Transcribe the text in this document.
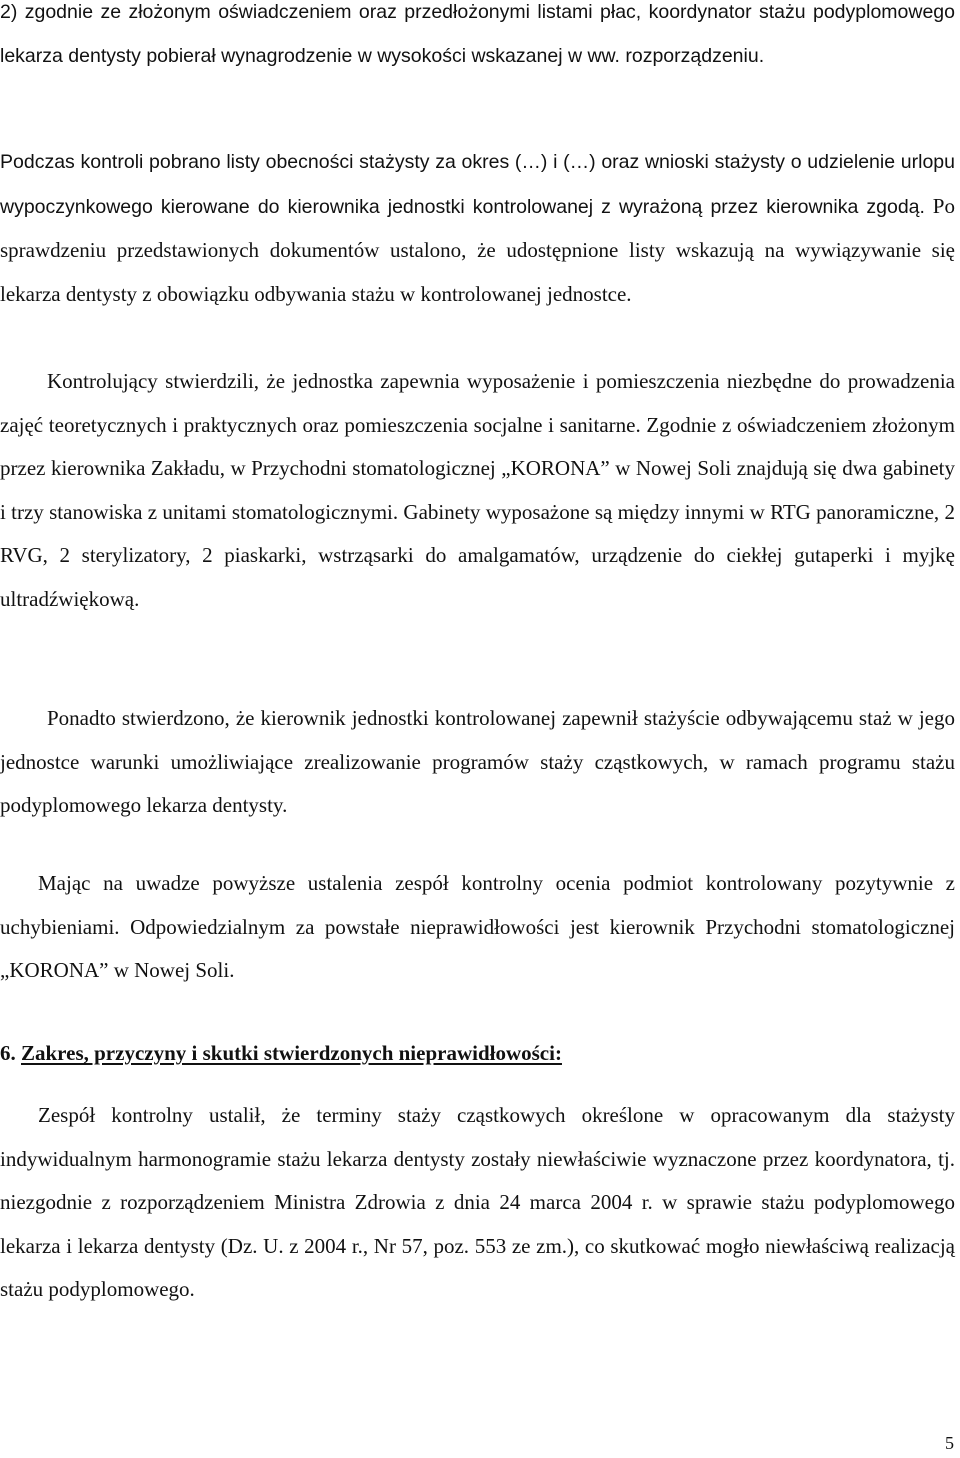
2) zgodnie ze złożonym oświadczeniem oraz przedłożonymi listami płac, koordynator stażu podyplomowego lekarza dentysty pobierał wynagrodzenie w wysokości wskazanej w ww. rozporządzeniu.

Podczas kontroli pobrano listy obecności stażysty za okres (…) i (…) oraz wnioski stażysty o udzielenie urlopu wypoczynkowego kierowane do kierownika jednostki kontrolowanej z wyrażoną przez kierownika zgodą. Po sprawdzeniu przedstawionych dokumentów ustalono, że udostępnione listy wskazują na wywiązywanie się lekarza dentysty z obowiązku odbywania stażu w kontrolowanej jednostce.

Kontrolujący stwierdzili, że jednostka zapewnia wyposażenie i pomieszczenia niezbędne do prowadzenia zajęć teoretycznych i praktycznych oraz pomieszczenia socjalne i sanitarne. Zgodnie z oświadczeniem złożonym przez kierownika Zakładu, w Przychodni stomatologicznej „KORONA” w Nowej Soli znajdują się dwa gabinety i trzy stanowiska z unitami stomatologicznymi. Gabinety wyposażone są między innymi w RTG panoramiczne, 2 RVG, 2 sterylizatory, 2 piaskarki, wstrząsarki do amalgamatów, urządzenie do ciekłej gutaperki i myjkę ultradźwiękową.

Ponadto stwierdzono, że kierownik jednostki kontrolowanej zapewnił stażyście odbywającemu staż w jego jednostce warunki umożliwiające zrealizowanie programów staży cząstkowych, w ramach programu stażu podyplomowego lekarza dentysty.

Mając na uwadze powyższe ustalenia zespół kontrolny ocenia podmiot kontrolowany pozytywnie z uchybieniami. Odpowiedzialnym za powstałe nieprawidłowości jest kierownik Przychodni stomatologicznej „KORONA” w Nowej Soli.

6. Zakres, przyczyny i skutki stwierdzonych nieprawidłowości:

Zespół kontrolny ustalił, że terminy staży cząstkowych określone w opracowanym dla stażysty indywidualnym harmonogramie stażu lekarza dentysty zostały niewłaściwie wyznaczone przez koordynatora, tj. niezgodnie z rozporządzeniem Ministra Zdrowia z dnia 24 marca 2004 r. w sprawie stażu podyplomowego lekarza i lekarza dentysty (Dz. U. z 2004 r., Nr 57, poz. 553 ze zm.), co skutkować mogło niewłaściwą realizacją stażu podyplomowego.

5
